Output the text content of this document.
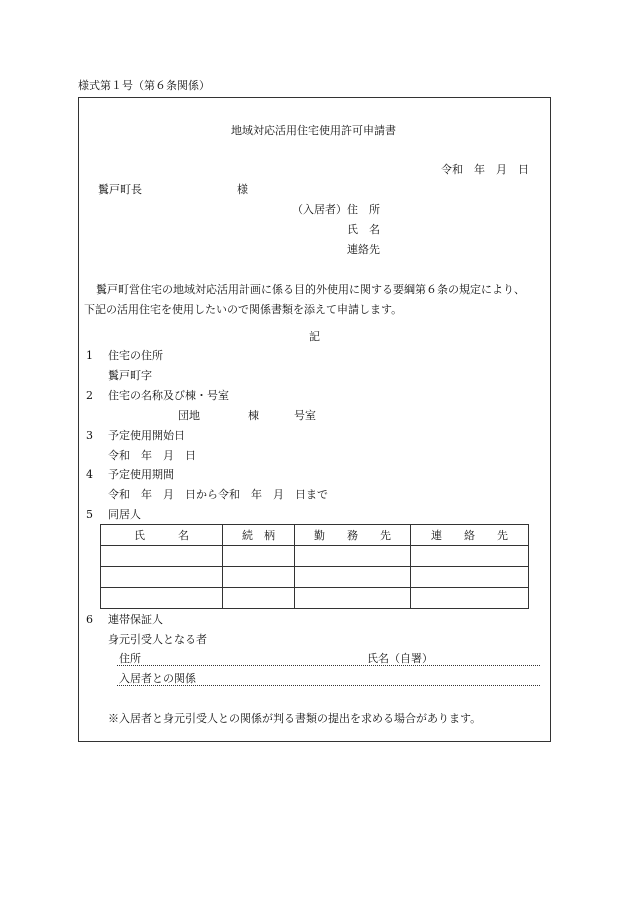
様式第１号（第６条関係）
地域対応活用住宅使用許可申請書
令和　年　月　日
鬒戸町長	様
（入居者） 住　所
氏　名
連絡先
鬒戸町営住宅の地域対応活用計画に係る目的外使用に関する要綱第６条の規定により、
下記の活用住宅を使用したいので関係書類を添えて申請します。
記
1 住宅の住所
鬒戸町字
2 住宅の名称及び棟・号室
団地	棟	号室
3 予定使用開始日
令和　年　月　日
4 予定使用期間
令和　年　月　日から令和　年　月　日まで
5 同居人
氏　　　名	続　柄	勤　　務　　先	連　　絡　　先

6 連帯保証人
身元引受人となる者
住所	氏名（自署）
入居者との関係
※入居者と身元引受人との関係が判る書類の提出を求める場合があります。
